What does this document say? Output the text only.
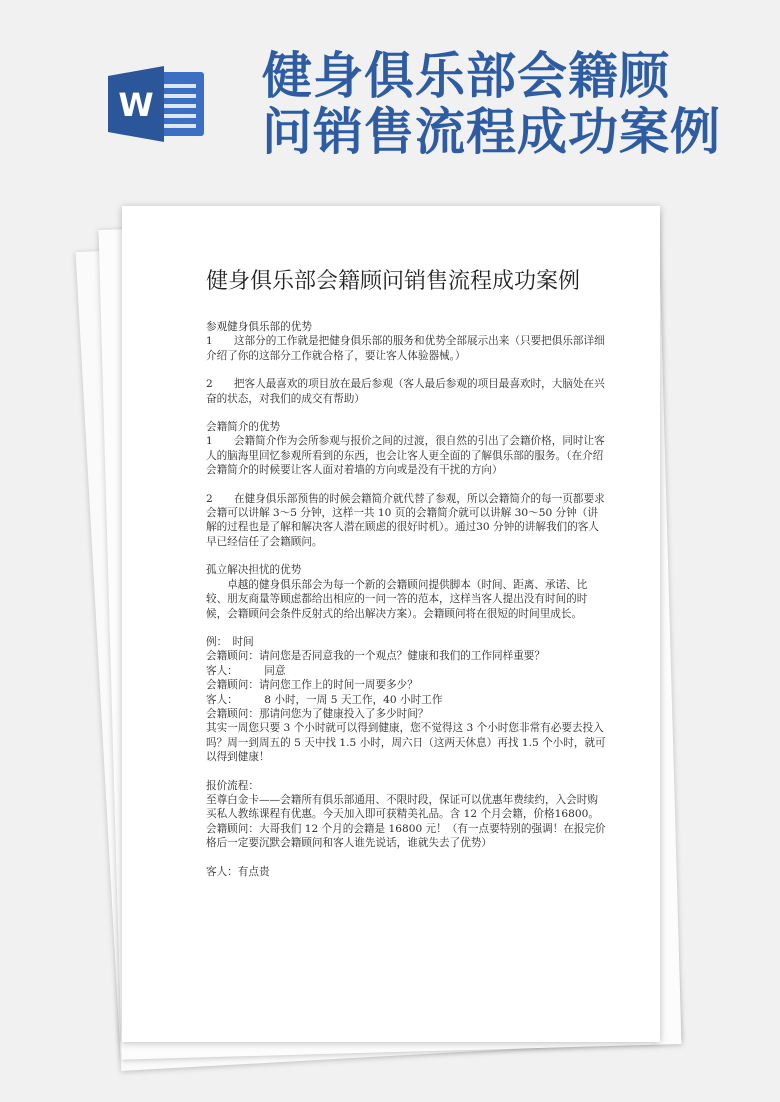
W 健身俱乐部会籍顾
问销售流程成功案例
健身俱乐部会籍顾问销售流程成功案例

参观健身俱乐部的优势

1　　这部分的工作就是把健身俱乐部的服务和优势全部展示出来（只要把俱乐部详细介绍了你的这部分工作就合格了，要让客人体验器械。）

2　　把客人最喜欢的项目放在最后参观（客人最后参观的项目最喜欢时，大脑处在兴奋的状态，对我们的成交有帮助）

会籍简介的优势

1　　会籍简介作为会所参观与报价之间的过渡，很自然的引出了会籍价格，同时让客人的脑海里回忆参观所看到的东西，也会让客人更全面的了解俱乐部的服务。（在介绍会籍简介的时候要让客人面对着墙的方向或是没有干扰的方向）

2　　在健身俱乐部预售的时候会籍简介就代替了参观，所以会籍简介的每一页都要求会籍可以讲解 3～5 分钟，这样一共 10 页的会籍简介就可以讲解 30～50 分钟（讲解的过程也是了解和解决客人潜在顾虑的很好时机）。通过30 分钟的讲解我们的客人早已经信任了会籍顾问。

孤立解决担忧的优势

　　卓越的健身俱乐部会为每一个新的会籍顾问提供脚本（时间、距离、承诺、比较、朋友商量等顾虑都给出相应的一问一答的范本，这样当客人提出没有时间的时候，会籍顾问会条件反射式的给出解决方案）。会籍顾问将在很短的时间里成长。

例：　时间

会籍顾问：请问您是否同意我的一个观点？健康和我们的工作同样重要？

客人：　　　同意

会籍顾问：请问您工作上的时间一周要多少？

客人：　　　8 小时，一周 5 天工作，40 小时工作

会籍顾问：那请问您为了健康投入了多少时间？

其实一周您只要 3 个小时就可以得到健康，您不觉得这 3 个小时您非常有必要去投入吗？周一到周五的 5 天中找 1.5 小时，周六日（这两天休息）再找 1.5 个小时，就可以得到健康！

报价流程：

至尊白金卡——会籍所有俱乐部通用、不限时段，保证可以优惠年费续约，入会时购买私人教练课程有优惠。今天加入即可获精美礼品。含 12 个月会籍，价格16800。

会籍顾问：大哥我们 12 个月的会籍是 16800 元！（有一点要特别的强调！在报完价格后一定要沉默会籍顾问和客人谁先说话，谁就失去了优势）

客人：有点贵
